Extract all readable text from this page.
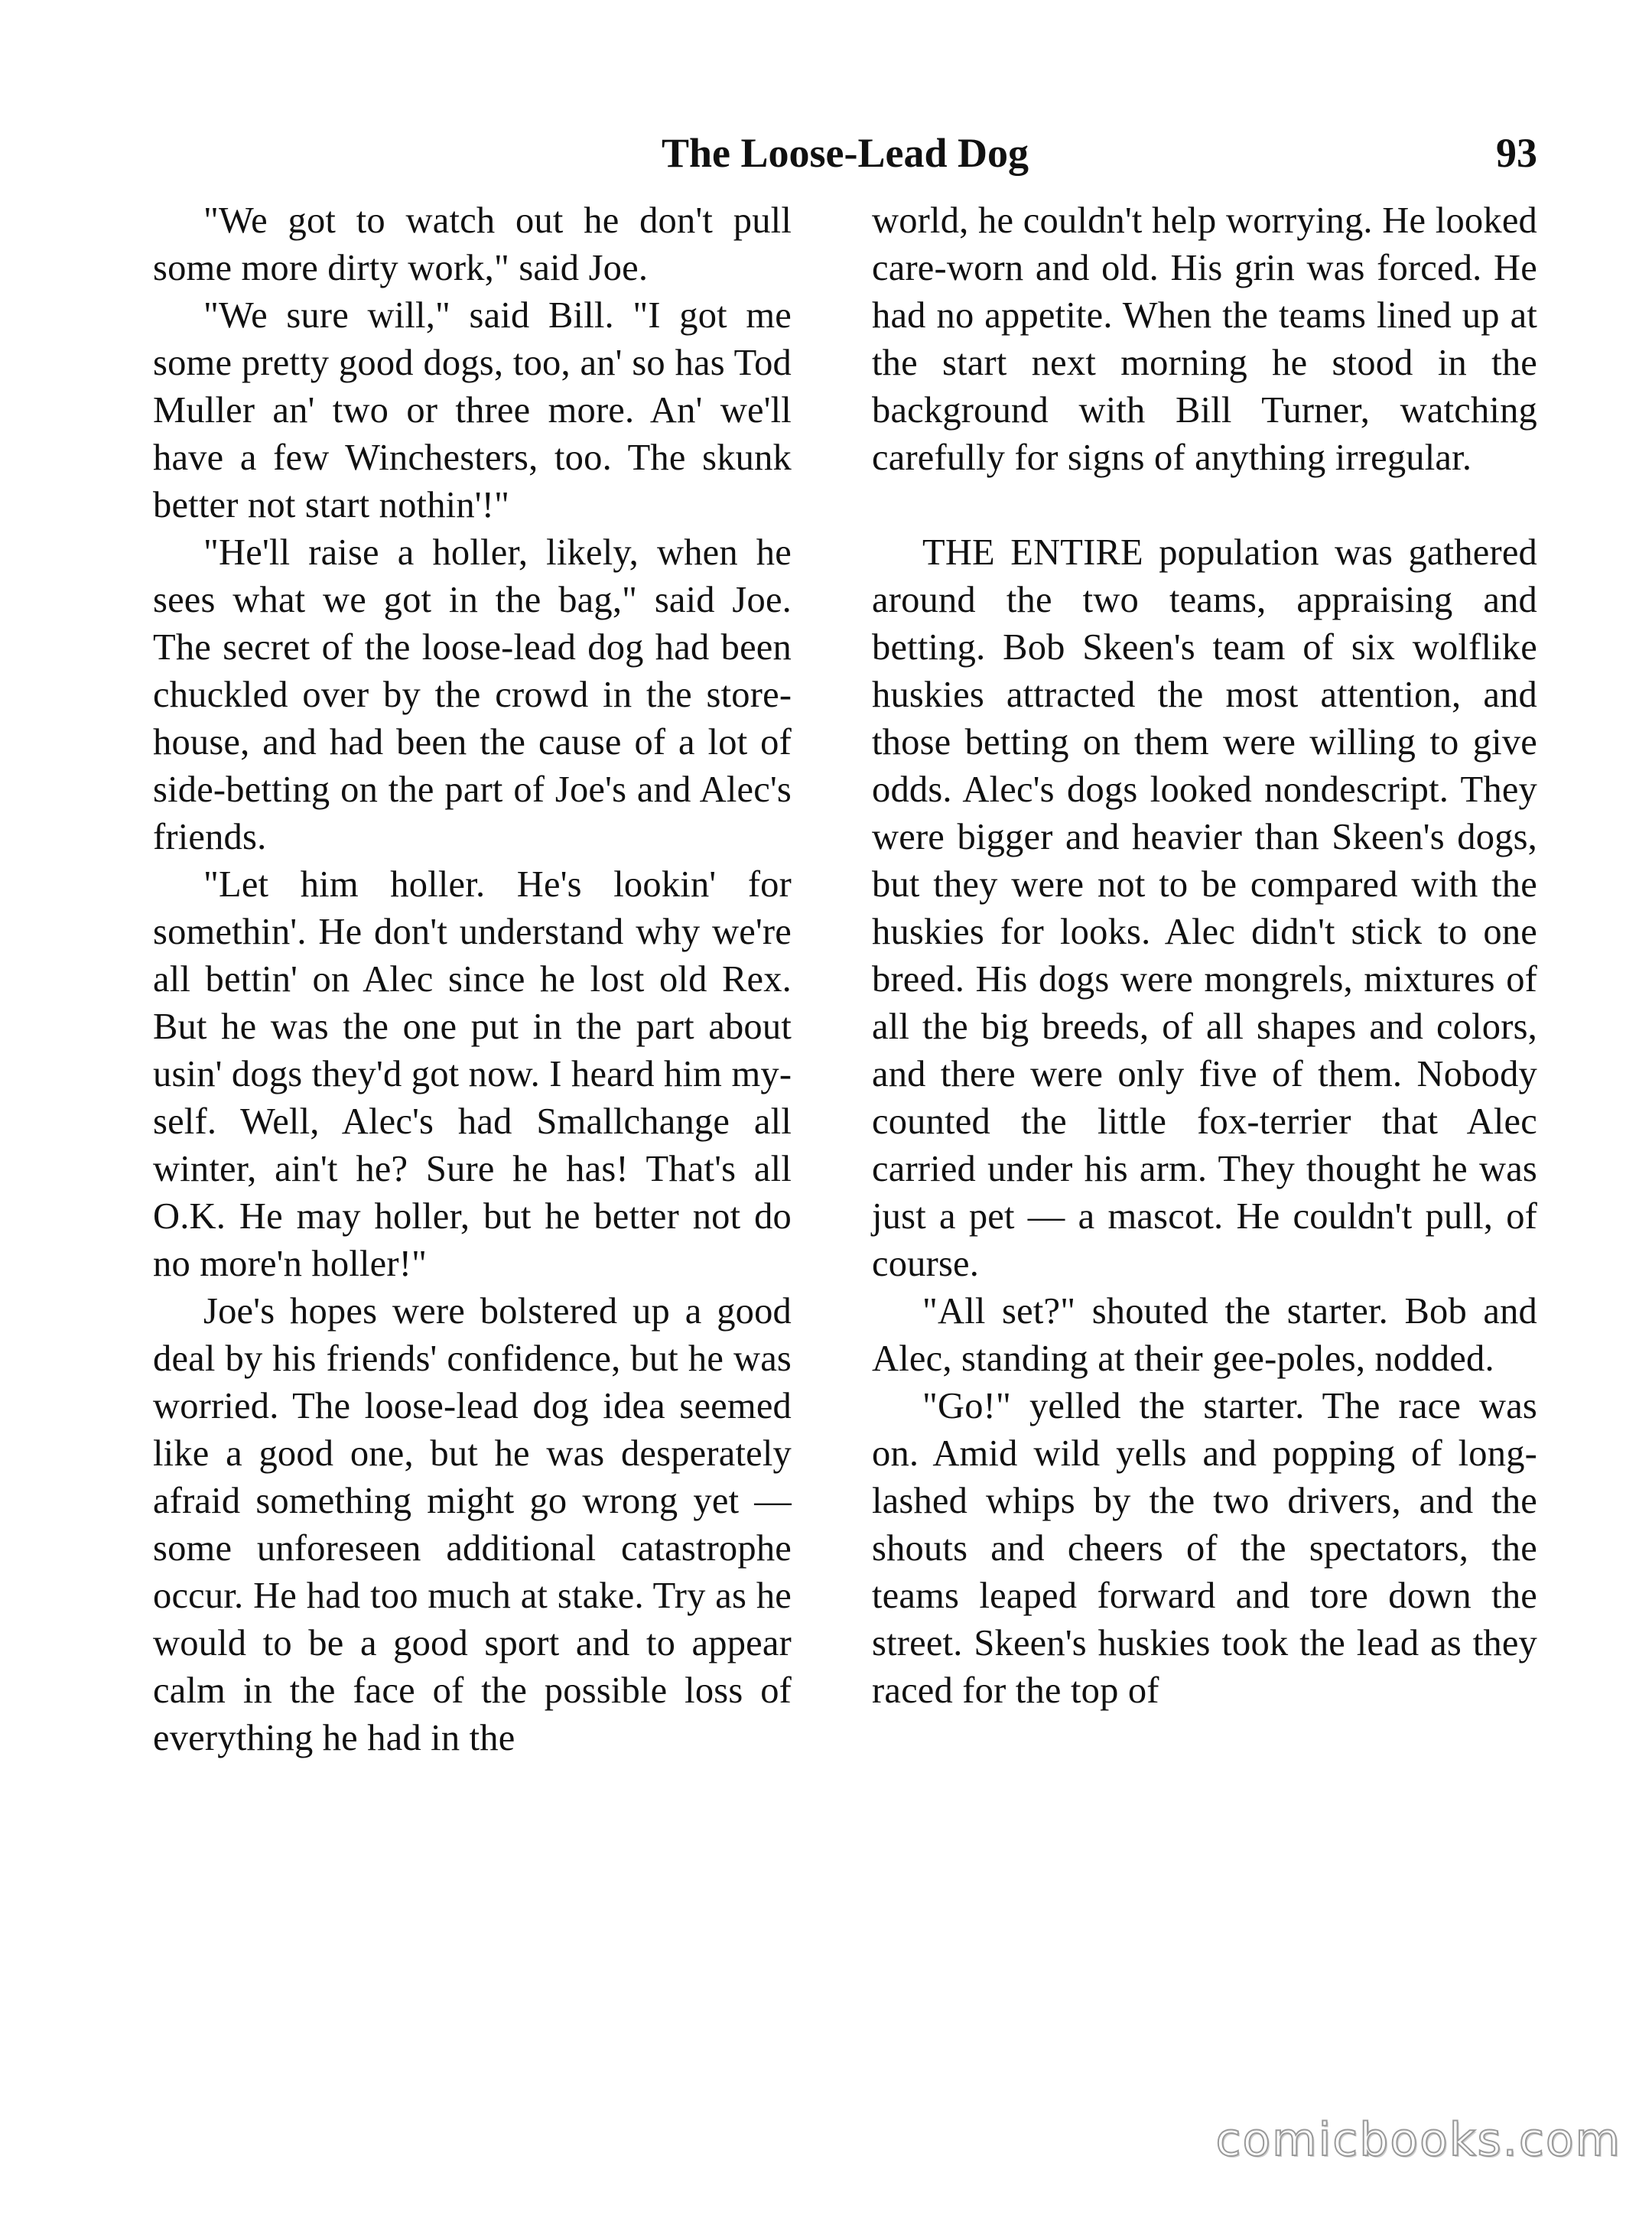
The Loose-Lead Dog	93

"We got to watch out he don't pull some more dirty work," said Joe.

"We sure will," said Bill. "I got me some pretty good dogs, too, an' so has Tod Muller an' two or three more. An' we'll have a few Winchesters, too. The skunk better not start nothin'!"

"He'll raise a holler, likely, when he sees what we got in the bag," said Joe. The secret of the loose-lead dog had been chuckled over by the crowd in the storehouse, and had been the cause of a lot of side-betting on the part of Joe's and Alec's friends.

"Let him holler. He's lookin' for somethin'. He don't understand why we're all bettin' on Alec since he lost old Rex. But he was the one put in the part about usin' dogs they'd got now. I heard him myself. Well, Alec's had Smallchange all winter, ain't he? Sure he has! That's all O.K. He may holler, but he better not do no more'n holler!"

Joe's hopes were bolstered up a good deal by his friends' confidence, but he was worried. The loose-lead dog idea seemed like a good one, but he was desperately afraid something might go wrong yet — some unforeseen additional catastrophe occur. He had too much at stake. Try as he would to be a good sport and to appear calm in the face of the possible loss of everything he had in the

world, he couldn't help worrying. He looked care-worn and old. His grin was forced. He had no appetite. When the teams lined up at the start next morning he stood in the background with Bill Turner, watching carefully for signs of anything irregular.

THE ENTIRE population was gathered around the two teams, appraising and betting. Bob Skeen's team of six wolflike huskies attracted the most attention, and those betting on them were willing to give odds. Alec's dogs looked nondescript. They were bigger and heavier than Skeen's dogs, but they were not to be compared with the huskies for looks. Alec didn't stick to one breed. His dogs were mongrels, mixtures of all the big breeds, of all shapes and colors, and there were only five of them. Nobody counted the little fox-terrier that Alec carried under his arm. They thought he was just a pet — a mascot. He couldn't pull, of course.

"All set?" shouted the starter. Bob and Alec, standing at their gee-poles, nodded.

"Go!" yelled the starter. The race was on. Amid wild yells and popping of long-lashed whips by the two drivers, and the shouts and cheers of the spectators, the teams leaped forward and tore down the street. Skeen's huskies took the lead as they raced for the top of

comicbooks.com
